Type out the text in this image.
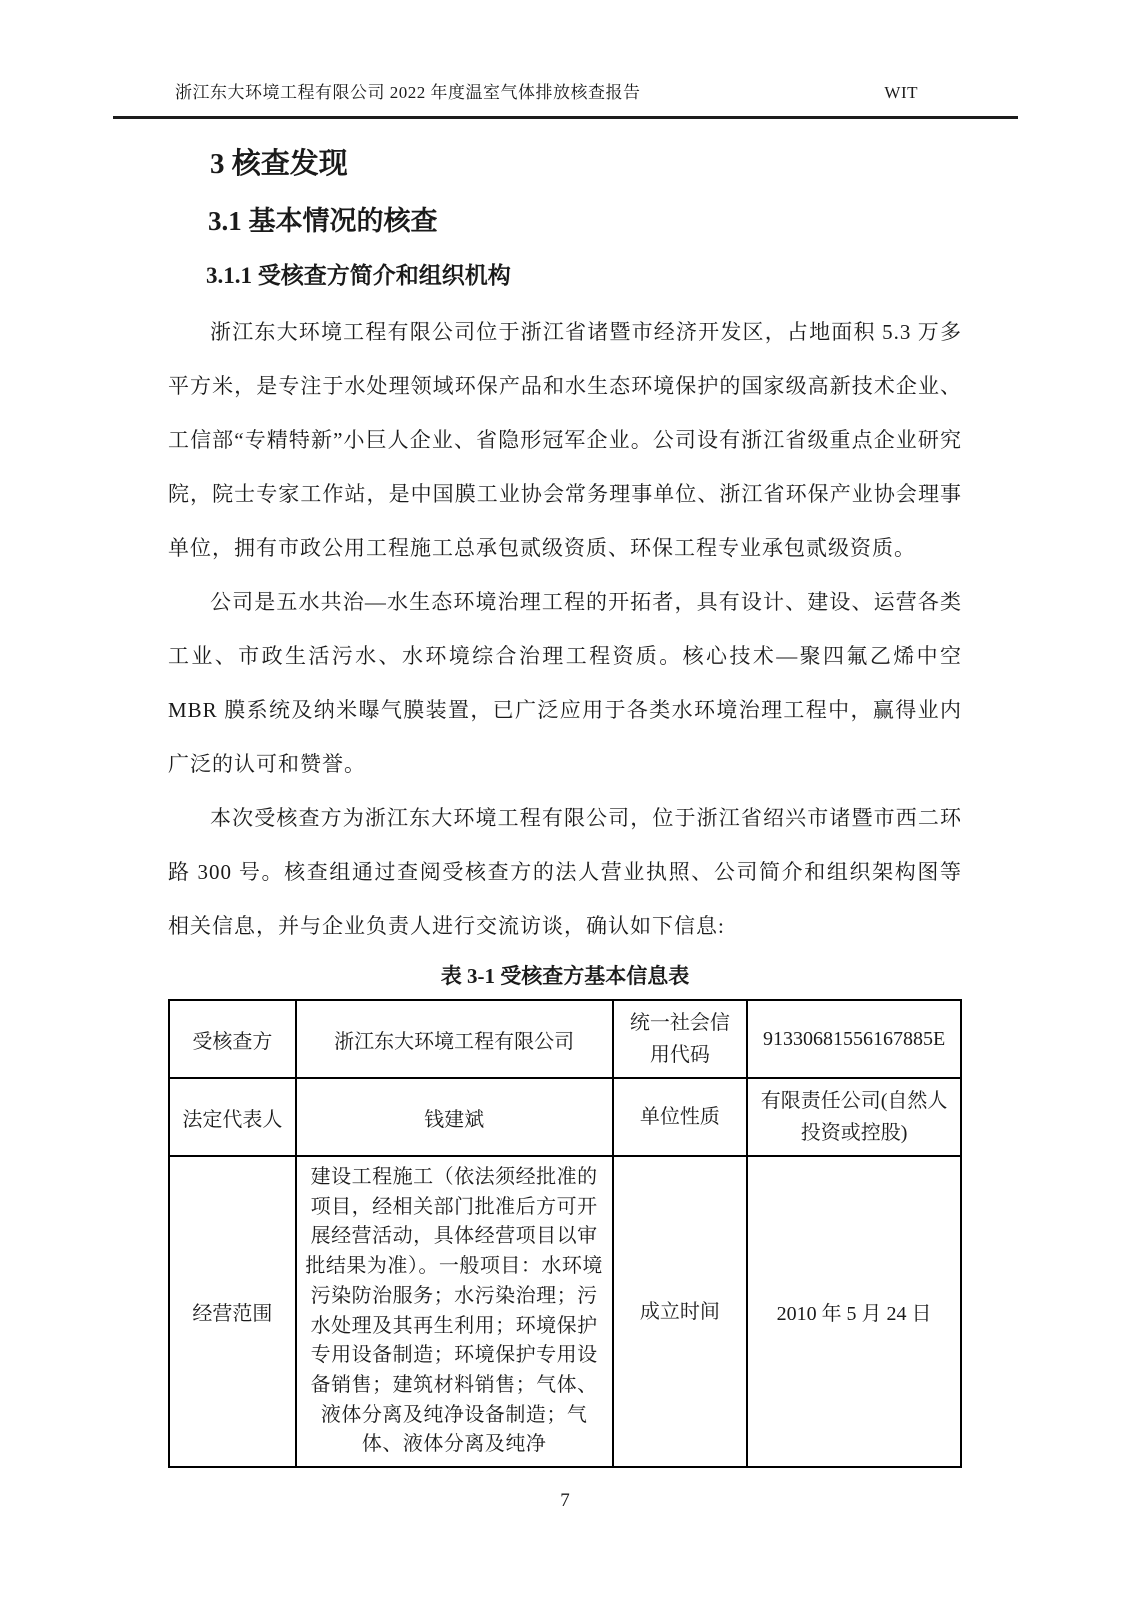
浙江东大环境工程有限公司 2022 年度温室气体排放核查报告	WIT
3 核查发现
3.1 基本情况的核查
3.1.1 受核查方简介和组织机构

浙江东大环境工程有限公司位于浙江省诸暨市经济开发区，占地面积 5.3 万多平方米，是专注于水处理领域环保产品和水生态环境保护的国家级高新技术企业、工信部“专精特新”小巨人企业、省隐形冠军企业。公司设有浙江省级重点企业研究院，院士专家工作站，是中国膜工业协会常务理事单位、浙江省环保产业协会理事单位，拥有市政公用工程施工总承包贰级资质、环保工程专业承包贰级资质。

公司是五水共治—水生态环境治理工程的开拓者，具有设计、建设、运营各类工业、市政生活污水、水环境综合治理工程资质。核心技术—聚四氟乙烯中空 MBR 膜系统及纳米曝气膜装置，已广泛应用于各类水环境治理工程中，赢得业内广泛的认可和赞誉。

本次受核查方为浙江东大环境工程有限公司，位于浙江省绍兴市诸暨市西二环路 300 号。核查组通过查阅受核查方的法人营业执照、公司简介和组织架构图等相关信息，并与企业负责人进行交流访谈，确认如下信息:

表 3-1 受核查方基本信息表
受核查方	浙江东大环境工程有限公司	统一社会信用代码	91330681556167885E
法定代表人	钱建斌	单位性质	有限责任公司(自然人投资或控股)
经营范围	建设工程施工（依法须经批准的项目，经相关部门批准后方可开展经营活动，具体经营项目以审批结果为准）。一般项目：水环境污染防治服务；水污染治理；污水处理及其再生利用；环境保护专用设备制造；环境保护专用设备销售；建筑材料销售；气体、液体分离及纯净设备制造；气体、液体分离及纯净	成立时间	2010 年 5 月 24 日
7
